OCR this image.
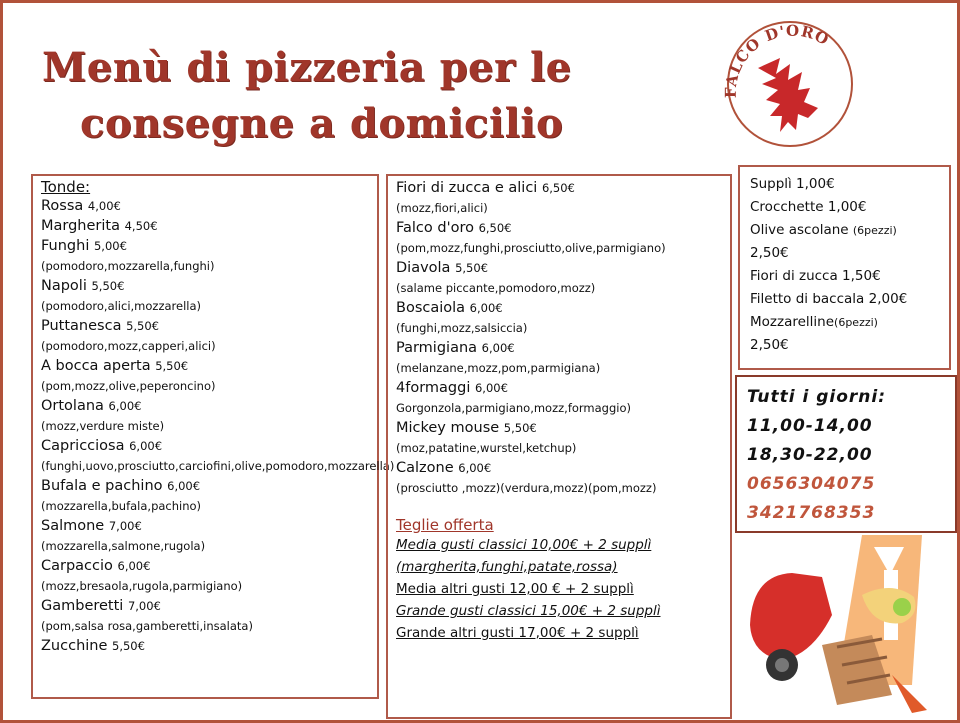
Menù di pizzeria per le
consegne a domicilio
FALCO D'ORO
Tonde:
Rossa 4,00€
Margherita 4,50€
Funghi 5,00€
(pomodoro,mozzarella,funghi)
Napoli 5,50€
(pomodoro,alici,mozzarella)
Puttanesca 5,50€
(pomodoro,mozz,capperi,alici)
A bocca aperta 5,50€
(pom,mozz,olive,peperoncino)
Ortolana 6,00€
(mozz,verdure miste)
Capricciosa 6,00€
(funghi,uovo,prosciutto,carciofini,olive,pomodoro,mozzarella)
Bufala e pachino 6,00€
(mozzarella,bufala,pachino)
Salmone 7,00€
(mozzarella,salmone,rugola)
Carpaccio 6,00€
(mozz,bresaola,rugola,parmigiano)
Gamberetti 7,00€
(pom,salsa rosa,gamberetti,insalata)
Zucchine 5,50€
Fiori di zucca e alici 6,50€
(mozz,fiori,alici)
Falco d'oro 6,50€
(pom,mozz,funghi,prosciutto,olive,parmigiano)
Diavola 5,50€
(salame piccante,pomodoro,mozz)
Boscaiola 6,00€
(funghi,mozz,salsiccia)
Parmigiana 6,00€
(melanzane,mozz,pom,parmigiana)
4formaggi 6,00€
Gorgonzola,parmigiano,mozz,formaggio)
Mickey mouse 5,50€
(moz,patatine,wurstel,ketchup)
Calzone 6,00€
(prosciutto ,mozz)(verdura,mozz)(pom,mozz)
Teglie offerta
Media gusti classici 10,00€ + 2 supplì
(margherita,funghi,patate,rossa)
Media altri gusti 12,00 € + 2 supplì
Grande gusti classici 15,00€ + 2 supplì
Grande altri gusti 17,00€ + 2 supplì
Supplì 1,00€
Crocchette 1,00€
Olive ascolane (6pezzi)
2,50€
Fiori di zucca 1,50€
Filetto di baccala 2,00€
Mozzarelline(6pezzi)
2,50€
Tutti i giorni:
11,00-14,00
18,30-22,00
0656304075
3421768353
